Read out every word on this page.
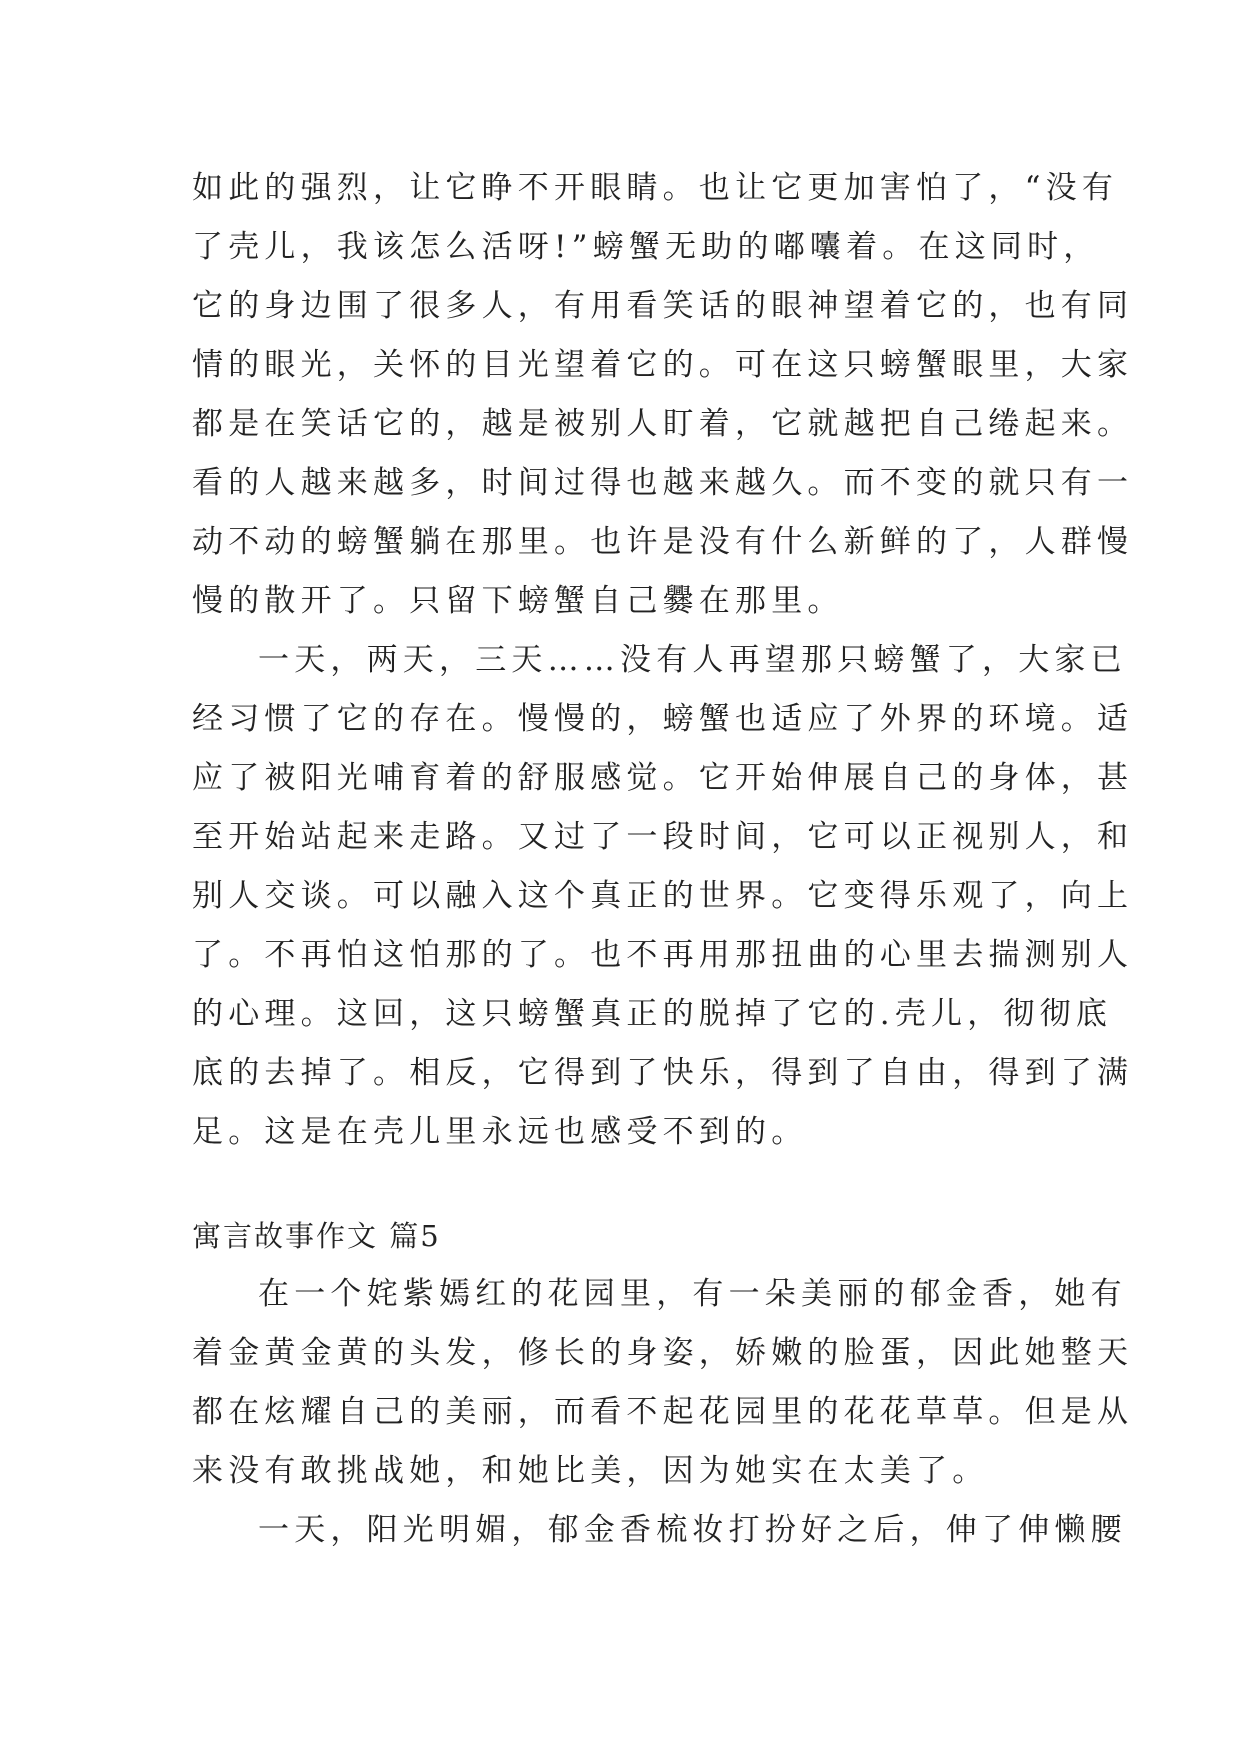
如此的强烈，让它睁不开眼睛。也让它更加害怕了，“没有
了壳儿，我该怎么活呀!”螃蟹无助的嘟囔着。在这同时，
它的身边围了很多人，有用看笑话的眼神望着它的，也有同
情的眼光，关怀的目光望着它的。可在这只螃蟹眼里，大家
都是在笑话它的，越是被别人盯着，它就越把自己绻起来。
看的人越来越多，时间过得也越来越久。而不变的就只有一
动不动的螃蟹躺在那里。也许是没有什么新鲜的了，人群慢
慢的散开了。只留下螃蟹自己爨在那里。
一天，两天，三天……没有人再望那只螃蟹了，大家已
经习惯了它的存在。慢慢的，螃蟹也适应了外界的环境。适
应了被阳光哺育着的舒服感觉。它开始伸展自己的身体，甚
至开始站起来走路。又过了一段时间，它可以正视别人，和
别人交谈。可以融入这个真正的世界。它变得乐观了，向上
了。不再怕这怕那的了。也不再用那扭曲的心里去揣测别人
的心理。这回，这只螃蟹真正的脱掉了它的.壳儿，彻彻底
底的去掉了。相反，它得到了快乐，得到了自由，得到了满
足。这是在壳儿里永远也感受不到的。
寓言故事作文 篇5
在一个姹紫嫣红的花园里，有一朵美丽的郁金香，她有
着金黄金黄的头发，修长的身姿，娇嫩的脸蛋，因此她整天
都在炫耀自己的美丽，而看不起花园里的花花草草。但是从
来没有敢挑战她，和她比美，因为她实在太美了。
一天，阳光明媚，郁金香梳妆打扮好之后，伸了伸懒腰
